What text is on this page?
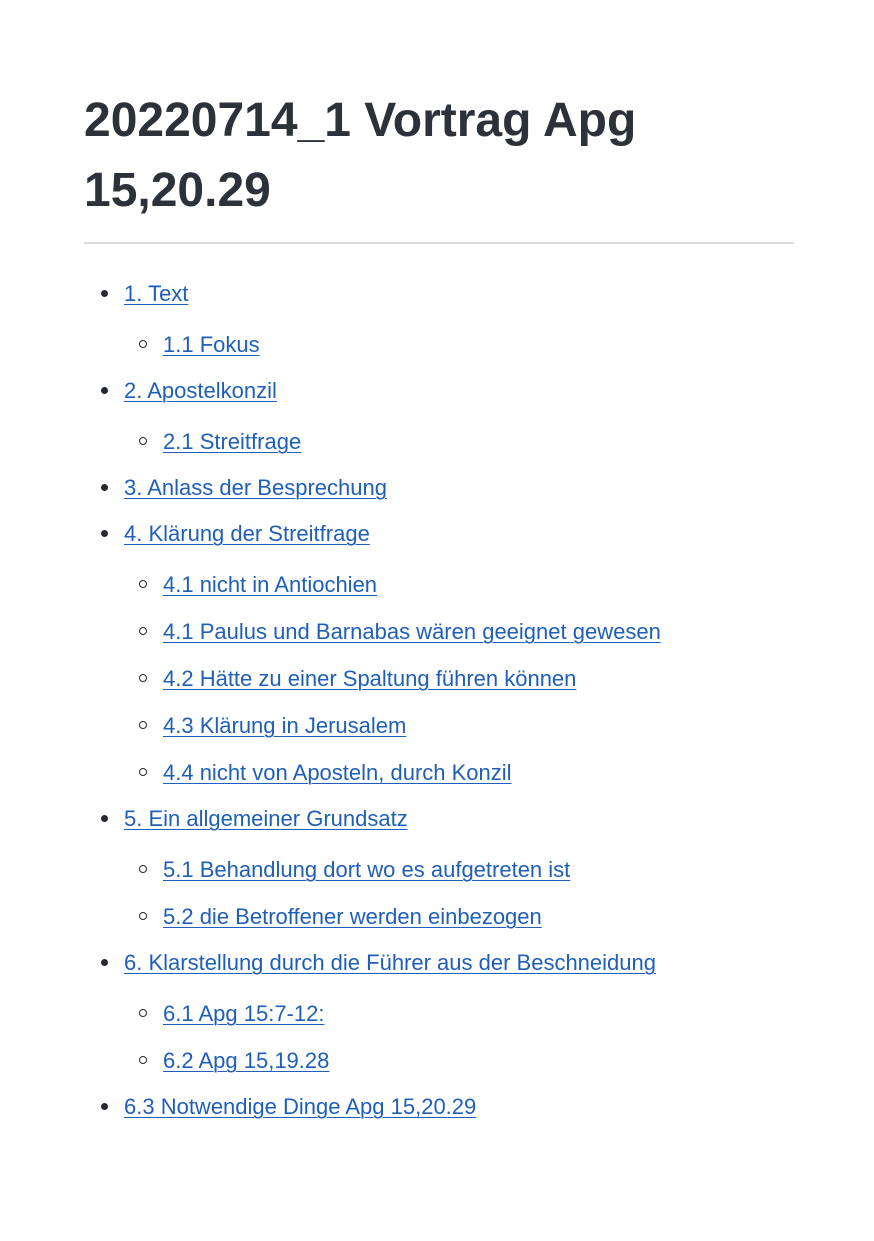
20220714_1 Vortrag Apg 15,20.29
1. Text
1.1 Fokus
2. Apostelkonzil
2.1 Streitfrage
3. Anlass der Besprechung
4. Klärung der Streitfrage
4.1 nicht in Antiochien
4.1 Paulus und Barnabas wären geeignet gewesen
4.2 Hätte zu einer Spaltung führen können
4.3 Klärung in Jerusalem
4.4 nicht von Aposteln, durch Konzil
5. Ein allgemeiner Grundsatz
5.1 Behandlung dort wo es aufgetreten ist
5.2 die Betroffener werden einbezogen
6. Klarstellung durch die Führer aus der Beschneidung
6.1 Apg 15:7-12:
6.2 Apg 15,19.28
6.3 Notwendige Dinge Apg 15,20.29
